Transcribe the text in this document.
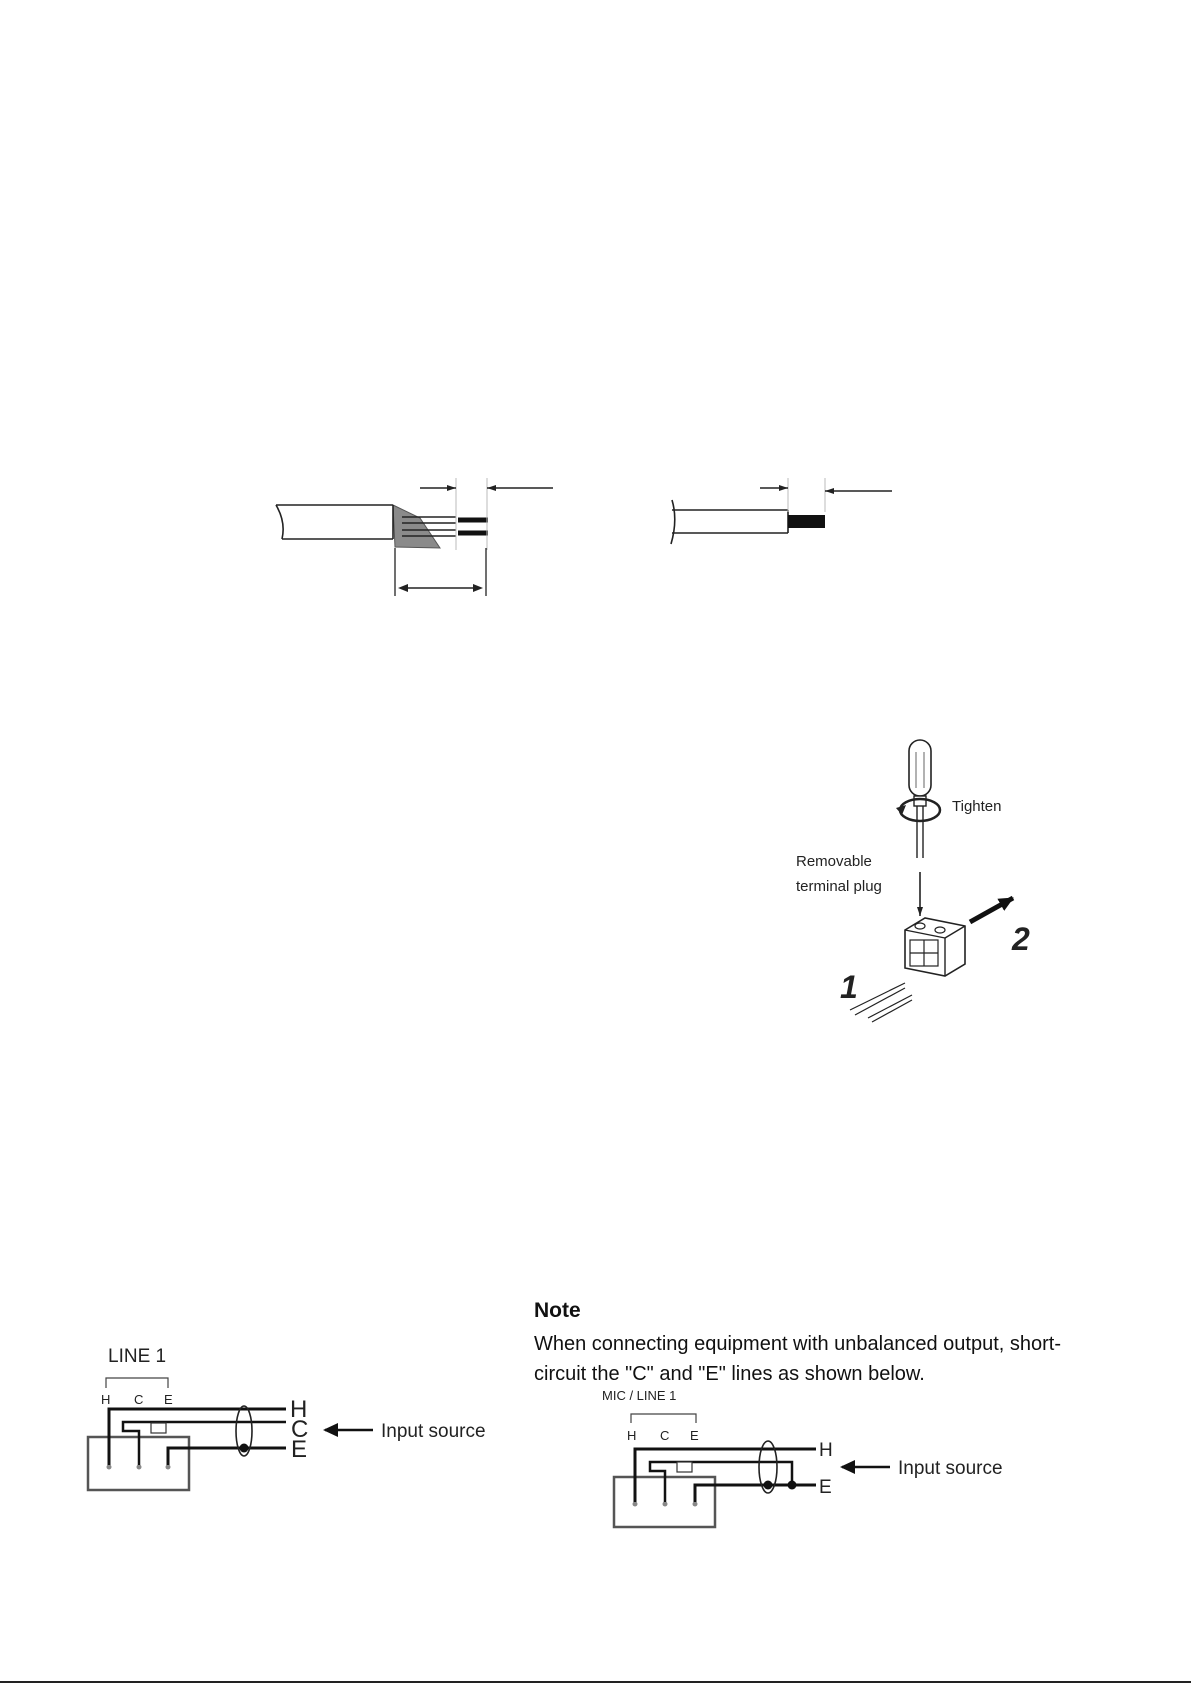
Tighten
Removable
terminal plug
2
1
LINE 1
H C E	H
C
E
Input source
MIC / LINE 1
H C E
H
E
Input source

Note

When connecting equipment with unbalanced output, short-circuit the "C" and "E" lines as shown below.
